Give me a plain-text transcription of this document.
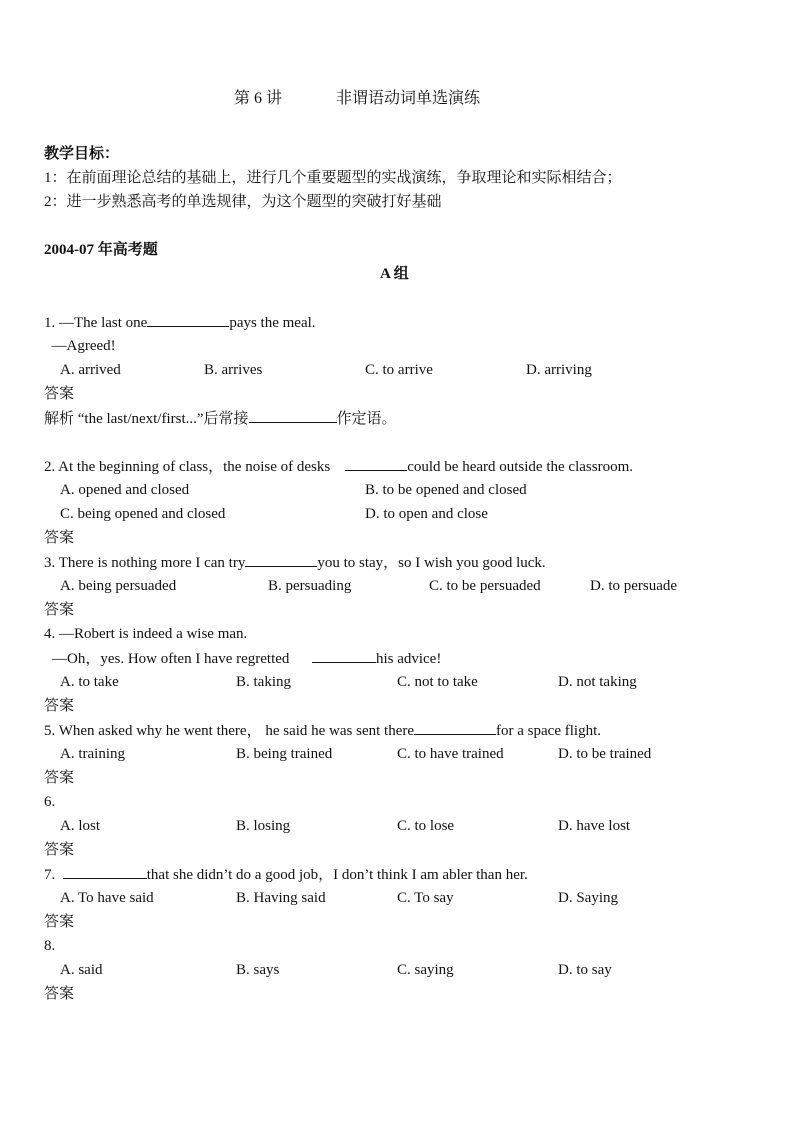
第 6 讲	非谓语动词单选演练
教学目标：
1：在前面理论总结的基础上，进行几个重要题型的实战演练，争取理论和实际相结合；
2：进一步熟悉高考的单选规律，为这个题型的突破打好基础
2004-07 年高考题
A 组
1. —The last one	pays the meal.
—Agreed!
A. arrived	B. arrives	C. to arrive	D. arriving
答案
解析 “the last/next/first...”后常接	作定语。
2. At the beginning of class，the noise of desks	could be heard outside the classroom.
A. opened and closed	B. to be opened and closed
C. being opened and closed	D. to open and close
答案
3. There is nothing more I can try	you to stay，so I wish you good luck.
A. being persuaded	B. persuading	C. to be persuaded	D. to persuade
答案
4. —Robert is indeed a wise man.
—Oh，yes. How often I have regretted	his advice!
A. to take	B. taking	C. not to take	D. not taking
答案
5. When asked why he went there， he said he was sent there	for a space flight.
A. training	B. being trained	C. to have trained	D. to be trained
答案
6.
A. lost	B. losing	C. to lose	D. have lost
答案
7.	that she didn’t do a good job，I don’t think I am abler than her.
A. To have said	B. Having said	C. To say	D. Saying
答案
8.
A. said	B. says	C. saying	D. to say
答案
